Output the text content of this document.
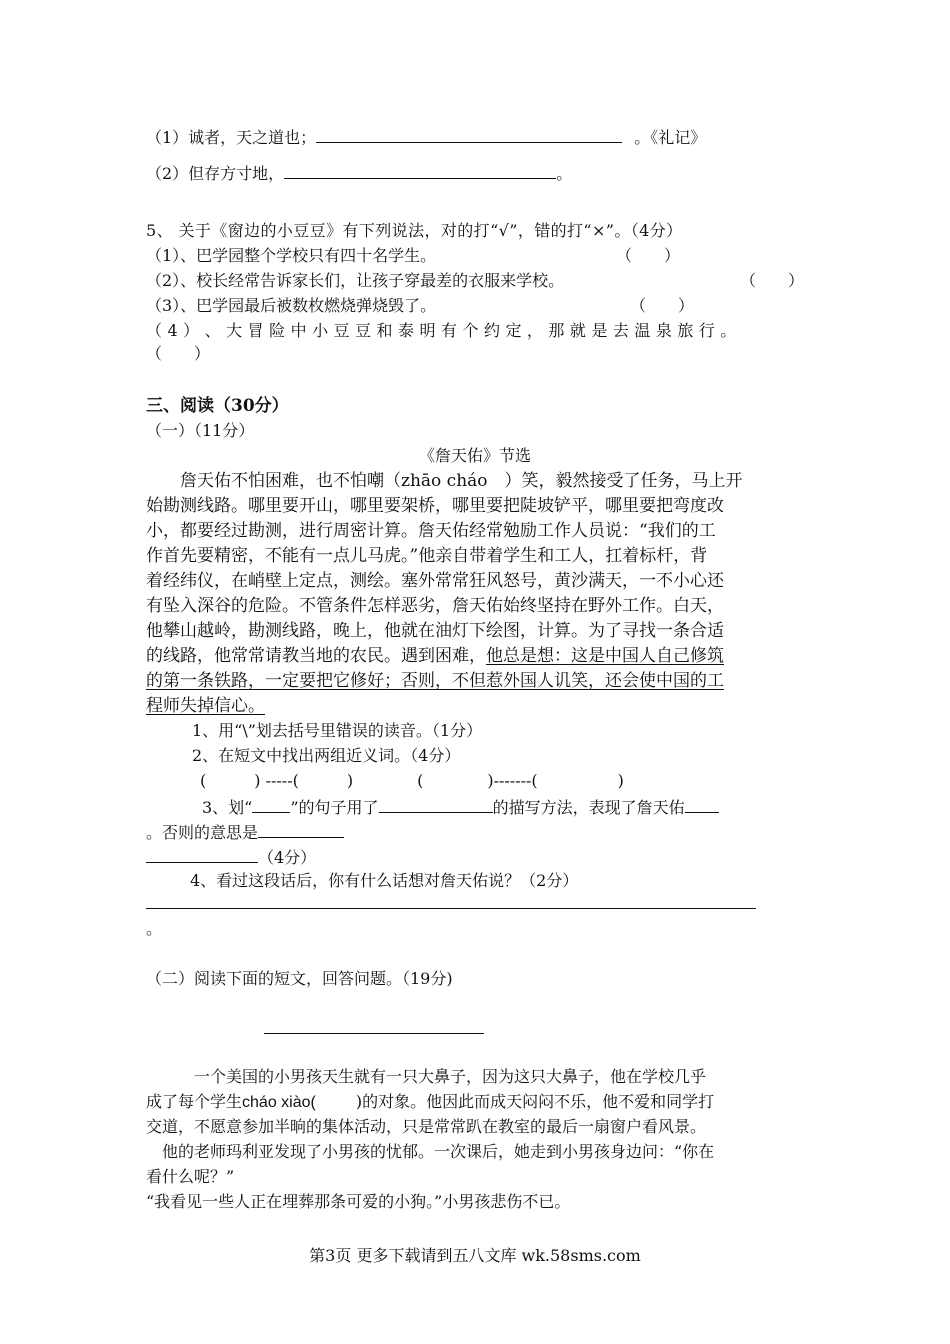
（1）诚者，天之道也；	。《礼记》
（2）但存方寸地，	。
5、 关于《窗边的小豆豆》有下列说法，对的打“√”，错的打“×”。（4分）
（1）、巴学园整个学校只有四十名学生。	（　　）
（2）、校长经常告诉家长们，让孩子穿最差的衣服来学校。	（　　）
（3）、巴学园最后被数枚燃烧弹烧毁了。	（　　）
（ 4 ） 、 大 冒 险 中 小 豆 豆 和 泰 明 有 个 约 定 ， 那 就 是 去 温 泉 旅 行 。
（　　）
三、阅读（30分）
（一）（11分）
《詹天佑》节选
　　詹天佑不怕困难，也不怕嘲（zhāo cháo　）笑，毅然接受了任务，马上开
始勘测线路。哪里要开山，哪里要架桥，哪里要把陡坡铲平，哪里要把弯度改
小，都要经过勘测，进行周密计算。詹天佑经常勉励工作人员说：“我们的工
作首先要精密，不能有一点儿马虎。”他亲自带着学生和工人，扛着标杆，背
着经纬仪，在峭壁上定点，测绘。塞外常常狂风怒号，黄沙满天，一不小心还
有坠入深谷的危险。不管条件怎样恶劣，詹天佑始终坚持在野外工作。白天，
他攀山越岭，勘测线路，晚上，他就在油灯下绘图，计算。为了寻找一条合适
的线路，他常常请教当地的农民。遇到困难，他总是想：这是中国人自己修筑
的第一条铁路，一定要把它修好；否则，不但惹外国人讥笑，还会使中国的工
程师失掉信心。
1、用“\”划去括号里错误的读音。（1分）
2、在短文中找出两组近义词。（4分）
(　　　) -----(　　　)　　　　(　　　　)-------(　　　　　)
3、划“ ”的句子用了	的描写方法，表现了詹天佑
。否则的意思是
（4分）
4、看过这段话后，你有什么话想对詹天佑说？（2分）
。
（二）阅读下面的短文，回答问题。（19分)
　　　一个美国的小男孩天生就有一只大鼻子，因为这只大鼻子，他在学校几乎
成了每个学生cháo xiào(	)的对象。他因此而成天闷闷不乐，他不爱和同学打
交道，不愿意参加半晌的集体活动，只是常常趴在教室的最后一扇窗户看风景。
　他的老师玛利亚发现了小男孩的忧郁。一次课后，她走到小男孩身边问：“你在
看什么呢？”
“我看见一些人正在埋葬那条可爱的小狗。”小男孩悲伤不已。
第3页 更多下载请到五八文库 wk.58sms.com
